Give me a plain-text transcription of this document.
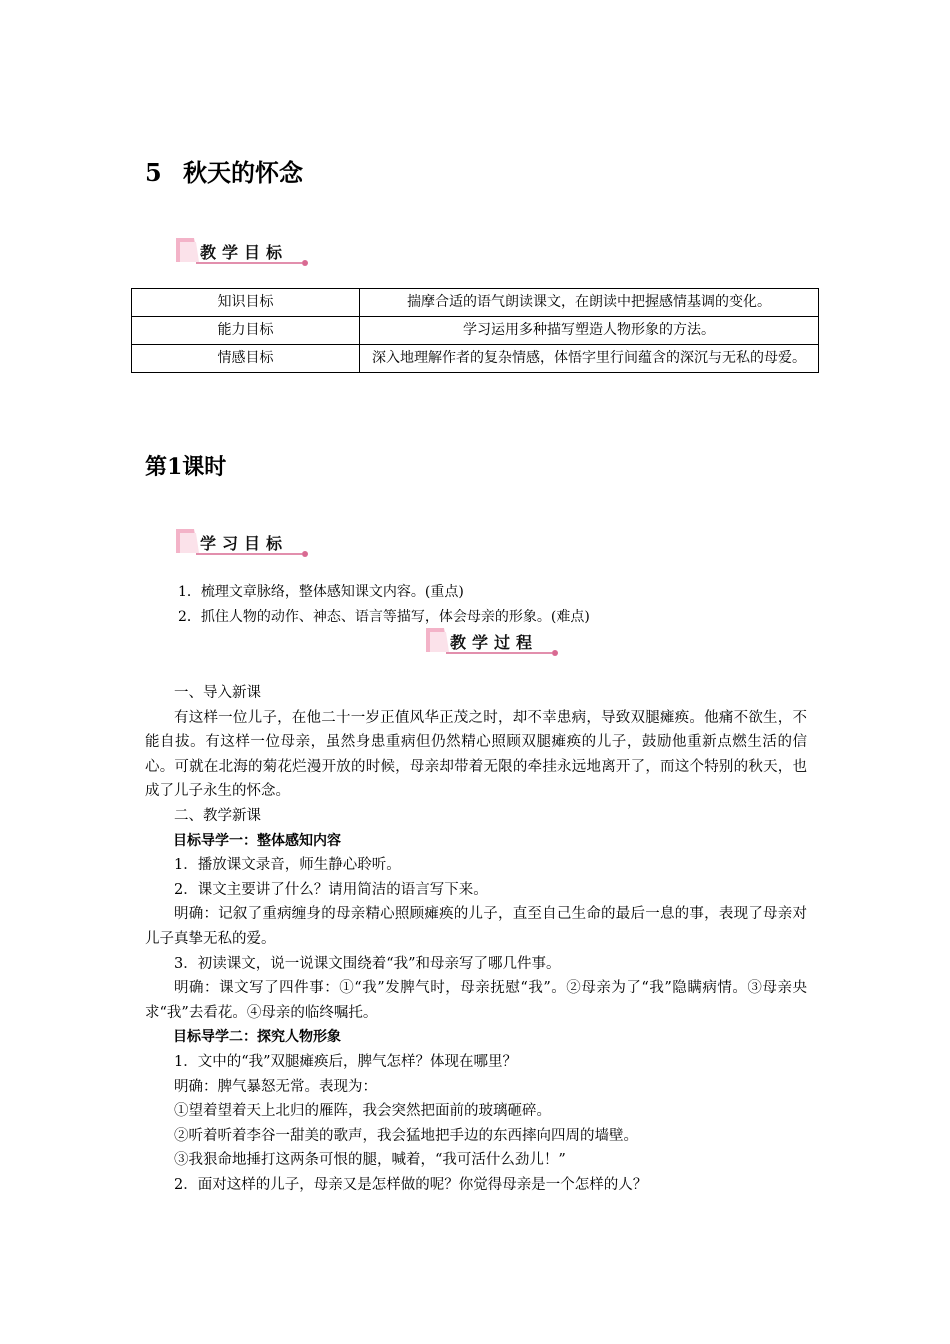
5 秋天的怀念
教学目标
知识目标	揣摩合适的语气朗读课文，在朗读中把握感情基调的变化。
能力目标	学习运用多种描写塑造人物形象的方法。
情感目标	深入地理解作者的复杂情感，体悟字里行间蕴含的深沉与无私的母爱。
第1课时
学习目标
1．梳理文章脉络，整体感知课文内容。(重点)
2．抓住人物的动作、神态、语言等描写，体会母亲的形象。(难点)
教学过程

一、导入新课

有这样一位儿子，在他二十一岁正值风华正茂之时，却不幸患病，导致双腿瘫痪。他痛不欲生，不能自拔。有这样一位母亲，虽然身患重病但仍然精心照顾双腿瘫痪的儿子，鼓励他重新点燃生活的信心。可就在北海的菊花烂漫开放的时候，母亲却带着无限的牵挂永远地离开了，而这个特别的秋天，也成了儿子永生的怀念。

二、教学新课

目标导学一：整体感知内容

1．播放课文录音，师生静心聆听。

2．课文主要讲了什么？请用简洁的语言写下来。

明确：记叙了重病缠身的母亲精心照顾瘫痪的儿子，直至自己生命的最后一息的事，表现了母亲对儿子真挚无私的爱。

3．初读课文，说一说课文围绕着“我”和母亲写了哪几件事。

明确：课文写了四件事：①“我”发脾气时，母亲抚慰“我”。②母亲为了“我”隐瞒病情。③母亲央求“我”去看花。④母亲的临终嘱托。

目标导学二：探究人物形象

1．文中的“我”双腿瘫痪后，脾气怎样？体现在哪里？

明确：脾气暴怒无常。表现为：

①望着望着天上北归的雁阵，我会突然把面前的玻璃砸碎。

②听着听着李谷一甜美的歌声，我会猛地把手边的东西摔向四周的墙壁。

③我狠命地捶打这两条可恨的腿，喊着，“我可活什么劲儿！”

2．面对这样的儿子，母亲又是怎样做的呢？你觉得母亲是一个怎样的人？
